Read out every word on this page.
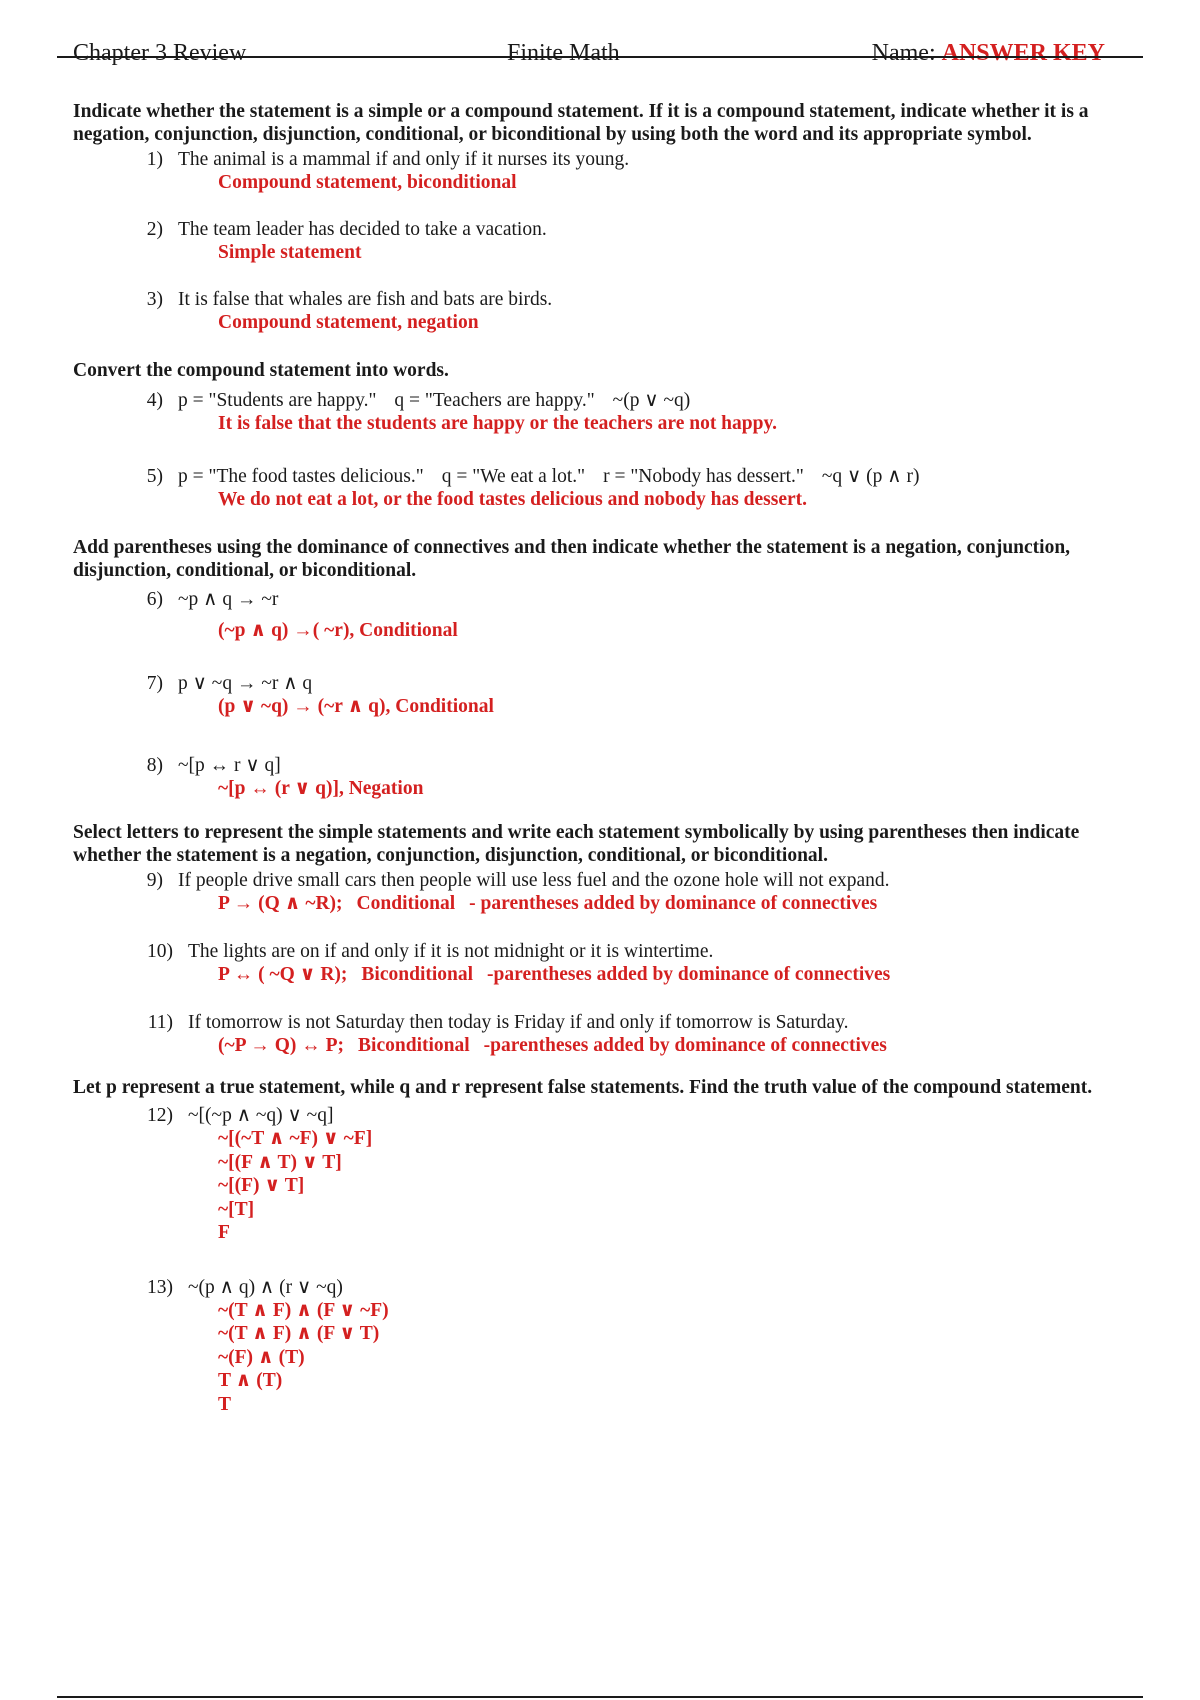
Chapter 3 Review	Finite Math	Name: ANSWER KEY

Indicate whether the statement is a simple or a compound statement. If it is a compound statement, indicate whether it is a negation, conjunction, disjunction, conditional, or biconditional by using both the word and its appropriate symbol.

1) The animal is a mammal if and only if it nurses its young.
Compound statement, biconditional
2) The team leader has decided to take a vacation.
Simple statement
3) It is false that whales are fish and bats are birds.
Compound statement, negation

Convert the compound statement into words.

4) p = "Students are happy." q = "Teachers are happy." ~(p ∨ ~q)
It is false that the students are happy or the teachers are not happy.
5) p = "The food tastes delicious." q = "We eat a lot." r = "Nobody has dessert." ~q ∨ (p ∧ r)
We do not eat a lot, or the food tastes delicious and nobody has dessert.

Add parentheses using the dominance of connectives and then indicate whether the statement is a negation, conjunction, disjunction, conditional, or biconditional.

6) ~p ∧ q → ~r
(~p ∧ q) →( ~r), Conditional
7) p ∨ ~q → ~r ∧ q
(p ∨ ~q) → (~r ∧ q), Conditional
8) ~[p ↔ r ∨ q]
~[p ↔ (r ∨ q)], Negation

Select letters to represent the simple statements and write each statement symbolically by using parentheses then indicate whether the statement is a negation, conjunction, disjunction, conditional, or biconditional.

9) If people drive small cars then people will use less fuel and the ozone hole will not expand.
P → (Q ∧ ~R); Conditional - parentheses added by dominance of connectives
10) The lights are on if and only if it is not midnight or it is wintertime.
P ↔ ( ~Q ∨ R); Biconditional -parentheses added by dominance of connectives
11) If tomorrow is not Saturday then today is Friday if and only if tomorrow is Saturday.
(~P → Q) ↔ P; Biconditional -parentheses added by dominance of connectives

Let p represent a true statement, while q and r represent false statements. Find the truth value of the compound statement.

12) ~[(~p ∧ ~q) ∨ ~q]
~[(~T ∧ ~F) ∨ ~F]
~[(F ∧ T) ∨ T]
~[(F) ∨ T]
~[T]
F
13) ~(p ∧ q) ∧ (r ∨ ~q)
~(T ∧ F) ∧ (F ∨ ~F)
~(T ∧ F) ∧ (F ∨ T)
~(F) ∧ (T)
T ∧ (T)
T
